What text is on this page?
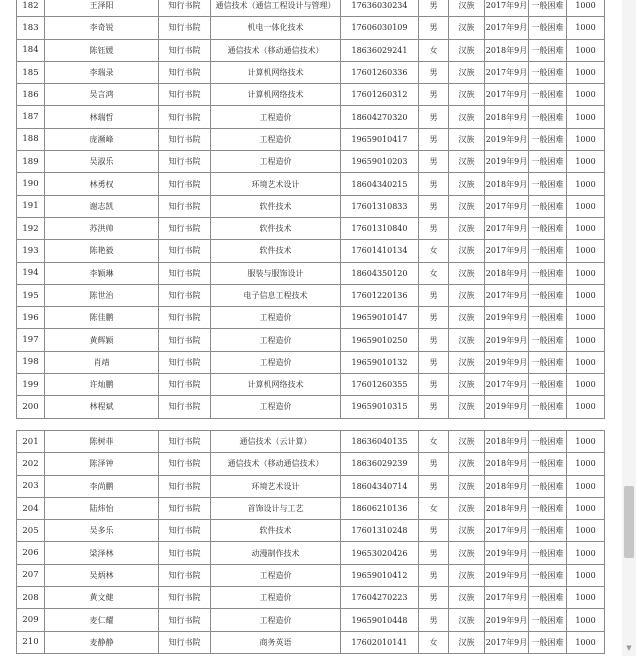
182	王泽阳	知行书院	通信技术（通信工程设计与管理）	17636030234	男	汉族	2017年9月	一般困难	1000
183	李奇锐	知行书院	机电一体化技术	17606030109	男	汉族	2017年9月	一般困难	1000
184	陈钰媛	知行书院	通信技术（移动通信技术）	18636029241	女	汉族	2018年9月	一般困难	1000
185	李瑞录	知行书院	计算机网络技术	17601260336	男	汉族	2017年9月	一般困难	1000
186	吴言鸿	知行书院	计算机网络技术	17601260312	男	汉族	2017年9月	一般困难	1000
187	林瑞哲	知行书院	工程造价	18604270320	男	汉族	2018年9月	一般困难	1000
188	庞濒峰	知行书院	工程造价	19659010417	男	汉族	2019年9月	一般困难	1000
189	吴淑乐	知行书院	工程造价	19659010203	男	汉族	2019年9月	一般困难	1000
190	林勇权	知行书院	环境艺术设计	18604340215	男	汉族	2018年9月	一般困难	1000
191	谢志凯	知行书院	软件技术	17601310833	男	汉族	2017年9月	一般困难	1000
192	苏洪帅	知行书院	软件技术	17601310840	男	汉族	2017年9月	一般困难	1000
193	陈艳毅	知行书院	软件技术	17601410134	女	汉族	2017年9月	一般困难	1000
194	李颖琳	知行书院	服装与服饰设计	18604350120	女	汉族	2018年9月	一般困难	1000
195	陈世治	知行书院	电子信息工程技术	17601220136	男	汉族	2017年9月	一般困难	1000
196	陈佳鹏	知行书院	工程造价	19659010147	男	汉族	2019年9月	一般困难	1000
197	黄辉颖	知行书院	工程造价	19659010250	男	汉族	2019年9月	一般困难	1000
198	肖靖	知行书院	工程造价	19659010132	男	汉族	2019年9月	一般困难	1000
199	许灿鹏	知行书院	计算机网络技术	17601260355	男	汉族	2017年9月	一般困难	1000
200	林程斌	知行书院	工程造价	19659010315	男	汉族	2019年9月	一般困难	1000
201	陈树菲	知行书院	通信技术（云计算）	18636040135	女	汉族	2018年9月	一般困难	1000
202	陈泽钟	知行书院	通信技术（移动通信技术）	18636029239	男	汉族	2018年9月	一般困难	1000
203	李尚鹏	知行书院	环境艺术设计	18604340714	男	汉族	2018年9月	一般困难	1000
204	陆炜怡	知行书院	首饰设计与工艺	18606210136	女	汉族	2018年9月	一般困难	1000
205	吴多乐	知行书院	软件技术	17601310248	男	汉族	2017年9月	一般困难	1000
206	梁泽林	知行书院	动漫制作技术	19653020426	男	汉族	2019年9月	一般困难	1000
207	吴炳林	知行书院	工程造价	19659010412	男	汉族	2019年9月	一般困难	1000
208	黄文健	知行书院	工程造价	17604270223	男	汉族	2017年9月	一般困难	1000
209	麦仁耀	知行书院	工程造价	19659010448	男	汉族	2019年9月	一般困难	1000
210	麦静静	知行书院	商务英语	17602010141	女	汉族	2017年9月	一般困难	1000
▼
